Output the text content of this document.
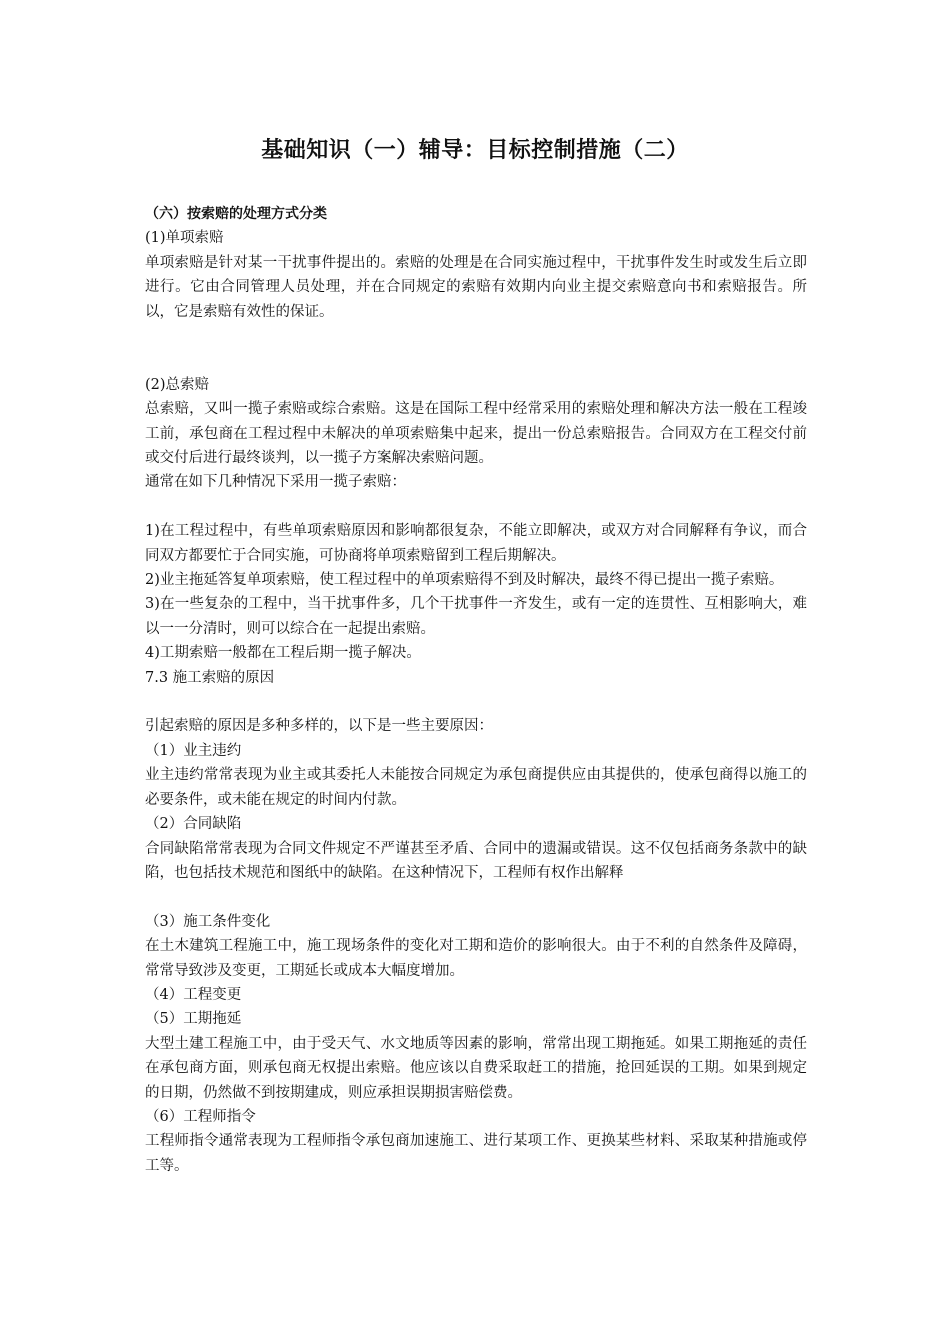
基础知识（一）辅导：目标控制措施（二）

（六）按索赔的处理方式分类

(1)单项索赔

单项索赔是针对某一干扰事件提出的。索赔的处理是在合同实施过程中，干扰事件发生时或发生后立即进行。它由合同管理人员处理，并在合同规定的索赔有效期内向业主提交索赔意向书和索赔报告。所以，它是索赔有效性的保证。

(2)总索赔

总索赔，又叫一揽子索赔或综合索赔。这是在国际工程中经常采用的索赔处理和解决方法一般在工程竣工前，承包商在工程过程中未解决的单项索赔集中起来，提出一份总索赔报告。合同双方在工程交付前或交付后进行最终谈判，以一揽子方案解决索赔问题。

通常在如下几种情况下采用一揽子索赔：

1)在工程过程中，有些单项索赔原因和影响都很复杂，不能立即解决，或双方对合同解释有争议，而合同双方都要忙于合同实施，可协商将单项索赔留到工程后期解决。

2)业主拖延答复单项索赔，使工程过程中的单项索赔得不到及时解决，最终不得已提出一揽子索赔。

3)在一些复杂的工程中，当干扰事件多，几个干扰事件一齐发生，或有一定的连贯性、互相影响大，难以一一分清时，则可以综合在一起提出索赔。

4)工期索赔一般都在工程后期一揽子解决。

7.3 施工索赔的原因

引起索赔的原因是多种多样的，以下是一些主要原因：

（1）业主违约

业主违约常常表现为业主或其委托人未能按合同规定为承包商提供应由其提供的，使承包商得以施工的必要条件，或未能在规定的时间内付款。

（2）合同缺陷

合同缺陷常常表现为合同文件规定不严谨甚至矛盾、合同中的遗漏或错误。这不仅包括商务条款中的缺陷，也包括技术规范和图纸中的缺陷。在这种情况下，工程师有权作出解释

（3）施工条件变化

在土木建筑工程施工中，施工现场条件的变化对工期和造价的影响很大。由于不利的自然条件及障碍，常常导致涉及变更，工期延长或成本大幅度增加。

（4）工程变更

（5）工期拖延

大型土建工程施工中，由于受天气、水文地质等因素的影响，常常出现工期拖延。如果工期拖延的责任在承包商方面，则承包商无权提出索赔。他应该以自费采取赶工的措施，抢回延误的工期。如果到规定的日期，仍然做不到按期建成，则应承担误期损害赔偿费。

（6）工程师指令

工程师指令通常表现为工程师指令承包商加速施工、进行某项工作、更换某些材料、采取某种措施或停工等。
